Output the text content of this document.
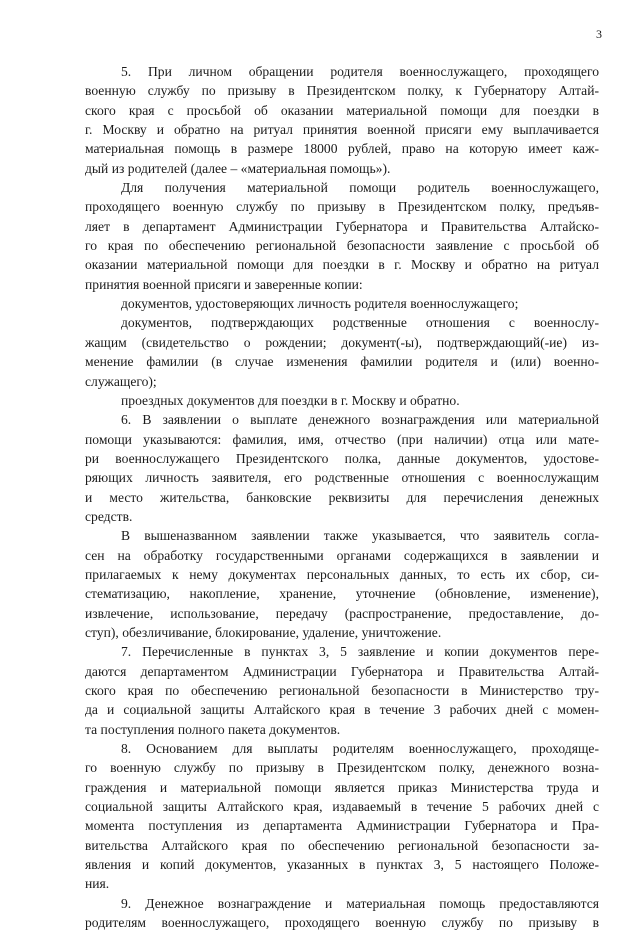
3
5. При личном обращении родителя военнослужащего, проходящего
военную службу по призыву в Президентском полку, к Губернатору Алтай-
ского края с просьбой об оказании материальной помощи для поездки в
г. Москву и обратно на ритуал принятия военной присяги ему выплачивается
материальная помощь в размере 18000 рублей, право на которую имеет каж-
дый из родителей (далее – «материальная помощь»).
Для получения материальной помощи родитель военнослужащего,
проходящего военную службу по призыву в Президентском полку, предъяв-
ляет в департамент Администрации Губернатора и Правительства Алтайско-
го края по обеспечению региональной безопасности заявление с просьбой об
оказании материальной помощи для поездки в г. Москву и обратно на ритуал
принятия военной присяги и заверенные копии:
документов, удостоверяющих личность родителя военнослужащего;
документов, подтверждающих родственные отношения с военнослу-
жащим (свидетельство о рождении; документ(-ы), подтверждающий(-ие) из-
менение фамилии (в случае изменения фамилии родителя и (или) военно-
служащего);
проездных документов для поездки в г. Москву и обратно.
6. В заявлении о выплате денежного вознаграждения или материальной
помощи указываются: фамилия, имя, отчество (при наличии) отца или мате-
ри военнослужащего Президентского полка, данные документов, удостове-
ряющих личность заявителя, его родственные отношения с военнослужащим
и место жительства, банковские реквизиты для перечисления денежных
средств.
В вышеназванном заявлении также указывается, что заявитель согла-
сен на обработку государственными органами содержащихся в заявлении и
прилагаемых к нему документах персональных данных, то есть их сбор, си-
стематизацию, накопление, хранение, уточнение (обновление, изменение),
извлечение, использование, передачу (распространение, предоставление, до-
ступ), обезличивание, блокирование, удаление, уничтожение.
7. Перечисленные в пунктах 3, 5 заявление и копии документов пере-
даются департаментом Администрации Губернатора и Правительства Алтай-
ского края по обеспечению региональной безопасности в Министерство тру-
да и социальной защиты Алтайского края в течение 3 рабочих дней с момен-
та поступления полного пакета документов.
8. Основанием для выплаты родителям военнослужащего, проходяще-
го военную службу по призыву в Президентском полку, денежного возна-
граждения и материальной помощи является приказ Министерства труда и
социальной защиты Алтайского края, издаваемый в течение 5 рабочих дней с
момента поступления из департамента Администрации Губернатора и Пра-
вительства Алтайского края по обеспечению региональной безопасности за-
явления и копий документов, указанных в пунктах 3, 5 настоящего Положе-
ния.
9. Денежное вознаграждение и материальная помощь предоставляются
родителям военнослужащего, проходящего военную службу по призыву в
